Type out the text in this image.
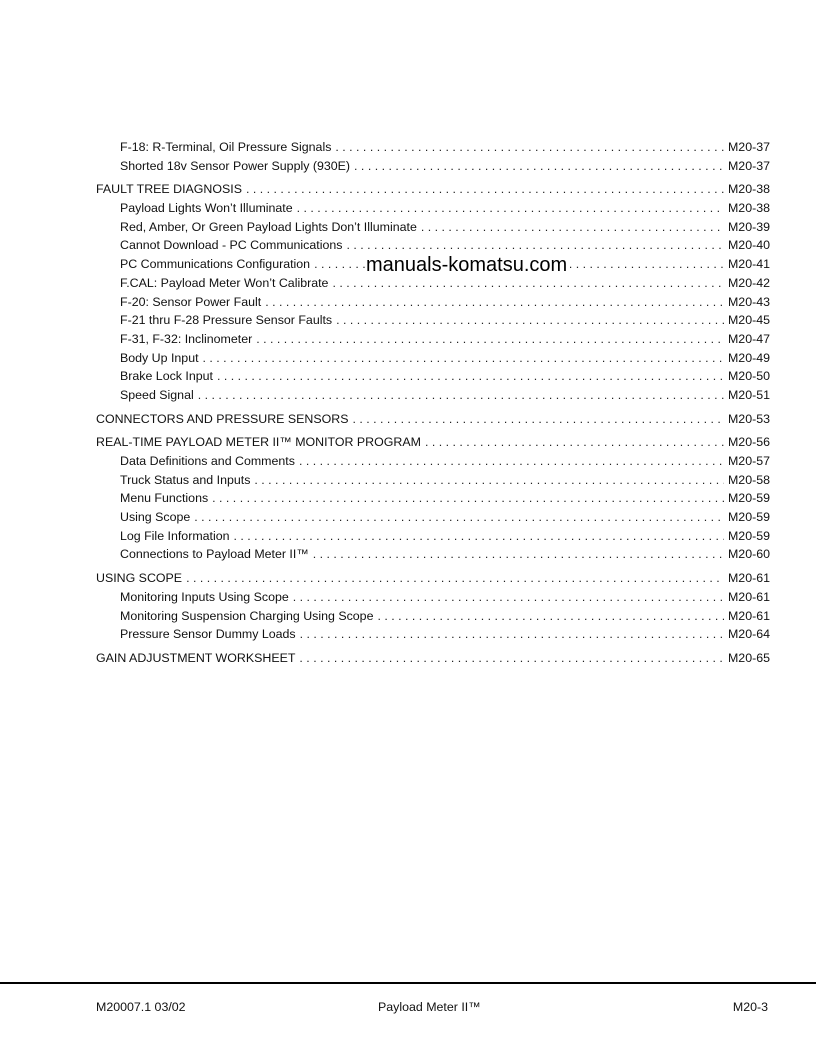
F-18: R-Terminal, Oil Pressure Signals . . .	M20-37
Shorted 18v Sensor Power Supply (930E) . . .	M20-37
FAULT TREE DIAGNOSIS . . .	M20-38
Payload Lights Won’t Illuminate . . .	M20-38
Red, Amber, Or Green Payload Lights Don’t Illuminate . . .	M20-39
Cannot Download - PC Communications . . .	M20-40
PC Communications Configuration . . .	M20-41
F.CAL: Payload Meter Won’t Calibrate . . .	M20-42
F-20: Sensor Power Fault . . .	M20-43
F-21 thru F-28 Pressure Sensor Faults . . .	M20-45
F-31, F-32: Inclinometer . . .	M20-47
Body Up Input . . .	M20-49
Brake Lock Input . . .	M20-50
Speed Signal . . .	M20-51
CONNECTORS AND PRESSURE SENSORS . . .	M20-53
REAL-TIME PAYLOAD METER II™ MONITOR PROGRAM . . .	M20-56
Data Definitions and Comments . . .	M20-57
Truck Status and Inputs . . .	M20-58
Menu Functions . . .	M20-59
Using Scope . . .	M20-59
Log File Information . . .	M20-59
Connections to Payload Meter II™ . . .	M20-60
USING SCOPE . . .	M20-61
Monitoring Inputs Using Scope . . .	M20-61
Monitoring Suspension Charging Using Scope . . .	M20-61
Pressure Sensor Dummy Loads . . .	M20-64
GAIN ADJUSTMENT WORKSHEET . . .	M20-65
manuals-komatsu.com
M20007.1 03/02	Payload Meter II™	M20-3
